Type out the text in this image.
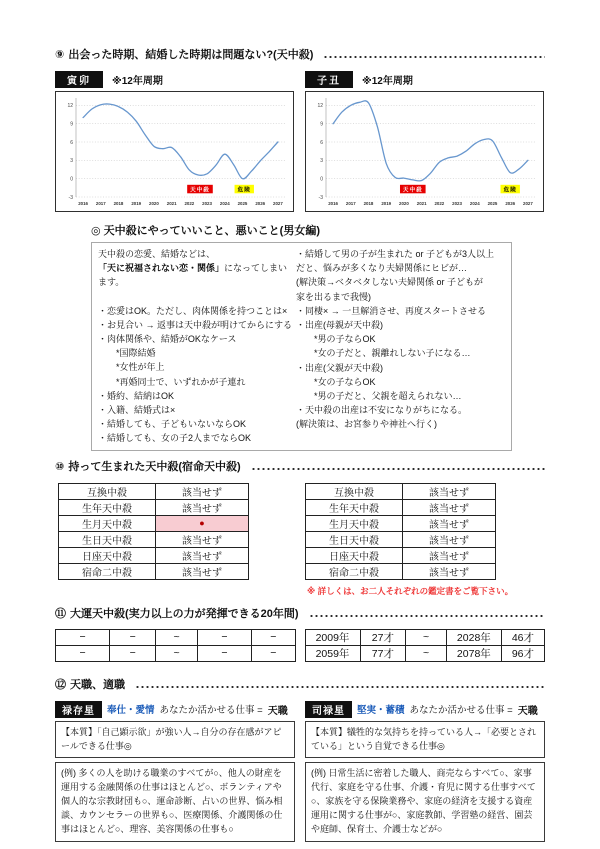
⑨ 出会った時期、結婚した時期は問題ない?(天中殺)
寅卯	※12年周期
-3
0
3
6
9
12
2016 2017 2018 2019 2020 2021 2022 2023 2024 2025 2026 2027
天中殺	危険
子丑	※12年周期
-3
0
3
6
9
12
2016 2017 2018 2019 2020 2021 2022 2023 2024 2025 2026 2027
天中殺	危険
◎ 天中殺にやっていいこと、悪いこと(男女編)
天中殺の恋愛、結婚などは、
「天に祝福されない恋・関係」になってしまいます。
・恋愛はOK。ただし、肉体関係を持つことは×
・お見合い → 返事は天中殺が明けてからにする
・肉体関係や、結婚がOKなケース
　　*国際結婚
　　*女性が年上
　　*再婚同士で、いずれかが子連れ
・婚約、結納はOK
・入籍、結婚式は×
・結婚しても、子どもいないならOK
・結婚しても、女の子2人までならOK
・結婚して男の子が生まれた or 子どもが3人以上
だと、悩みが多くなり夫婦関係にヒビが…
(解決策→ベタベタしない夫婦関係 or 子どもが
家を出るまで我慢)
・同棲× → 一旦解消させ、再度スタートさせる
・出産(母親が天中殺)
　　*男の子ならOK
　　*女の子だと、親離れしない子になる…
・出産(父親が天中殺)
　　*女の子ならOK
　　*男の子だと、父親を超えられない…
・天中殺の出産は不安になりがちになる。
(解決策は、お宮参りや神社へ行く)
⑩ 持って生まれた天中殺(宿命天中殺)
互換中殺	該当せず
生年天中殺	該当せず
生月天中殺	●
生日天中殺	該当せず
日座天中殺	該当せず
宿命二中殺	該当せず
互換中殺	該当せず
生年天中殺	該当せず
生月天中殺	該当せず
生日天中殺	該当せず
日座天中殺	該当せず
宿命二中殺	該当せず
※ 詳しくは、お二人それぞれの鑑定書をご覧下さい。
⑪ 大運天中殺(実力以上の力が発揮できる20年間)
−	−	~	−	−
−	−	~	−	−
2009年	27才	~	2028年	46才
2059年	77才	~	2078年	96才
⑫ 天職、適職
禄存星	奉仕・愛情 あなたか活かせる仕事 = 天職
【本質】「自己顕示欲」が強い人→自分の存在感がアピールできる仕事◎
(例) 多くの人を助ける職業のすべてが○、他人の財産を運用する金融関係の仕事はほとんど○、ボランティアや個人的な宗教財団も○、運命診断、占いの世界、悩み相談、カウンセラーの世界も○、医療関係、介護関係の仕事はほとんど○、理容、美容関係の仕事も○
司禄星	堅実・蓄積 あなたか活かせる仕事 = 天職
【本質】犠牲的な気持ちを持っている人→「必要とされている」という自覚できる仕事◎
(例) 日常生活に密着した職人、商売ならすべて○、家事代行、家庭を守る仕事、介護・育児に関する仕事すべて○、家族を守る保険業務や、家庭の経済を支援する資産運用に関する仕事が○、家庭教師、学習塾の経営、園芸や庭師、保育士、介護士などが○
